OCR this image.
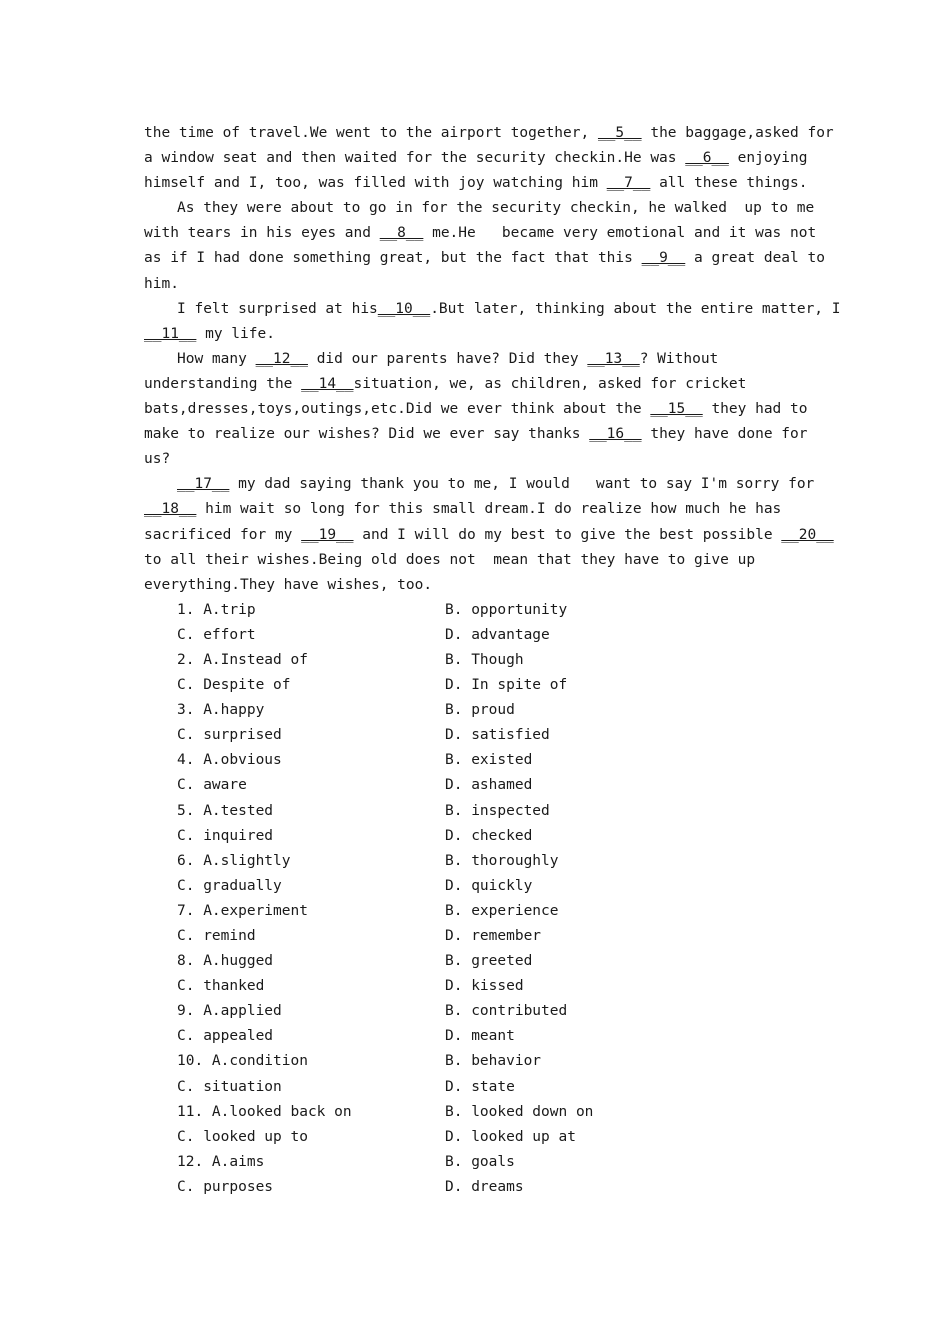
the time of travel.We went to the airport together, __5__ the baggage,asked for
a window seat and then waited for the security checkin.He was __6__ enjoying
himself and I, too, was filled with joy watching him __7__ all these things.
As they were about to go in for the security checkin, he walked  up to me
with tears in his eyes and __8__ me.He   became very emotional and it was not
as if I had done something great, but the fact that this __9__ a great deal to
him.
I felt surprised at his__10__.But later, thinking about the entire matter, I
__11__ my life.
How many __12__ did our parents have? Did they __13__? Without
understanding the __14__situation, we, as children, asked for cricket
bats,dresses,toys,outings,etc.Did we ever think about the __15__ they had to
make to realize our wishes? Did we ever say thanks __16__ they have done for
us?
__17__ my dad saying thank you to me, I would   want to say I'm sorry for
__18__ him wait so long for this small dream.I do realize how much he has
sacrificed for my __19__ and I will do my best to give the best possible __20__
to all their wishes.Being old does not  mean that they have to give up
everything.They have wishes, too.
1. A.trip	B. opportunity
C. effort	D. advantage
2. A.Instead of	B. Though
C. Despite of	D. In spite of
3. A.happy	B. proud
C. surprised	D. satisfied
4. A.obvious	B. existed
C. aware	D. ashamed
5. A.tested	B. inspected
C. inquired	D. checked
6. A.slightly	B. thoroughly
C. gradually	D. quickly
7. A.experiment	B. experience
C. remind	D. remember
8. A.hugged	B. greeted
C. thanked	D. kissed
9. A.applied	B. contributed
C. appealed	D. meant
10. A.condition	B. behavior
C. situation	D. state
11. A.looked back on	B. looked down on
C. looked up to	D. looked up at
12. A.aims	B. goals
C. purposes	D. dreams
